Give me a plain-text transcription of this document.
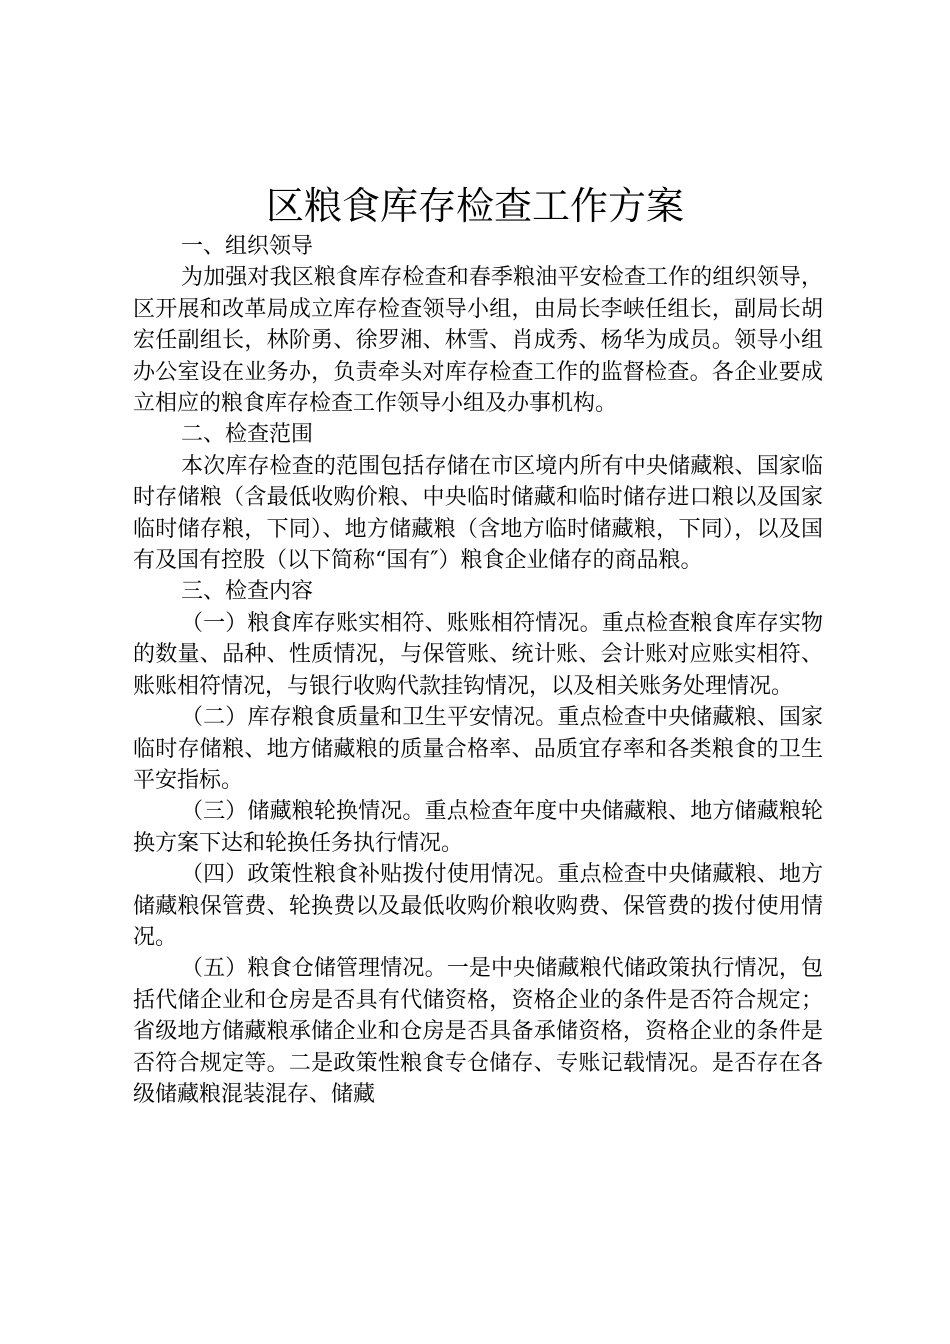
区粮食库存检查工作方案

一、组织领导

为加强对我区粮食库存检查和春季粮油平安检查工作的组织领导，区开展和改革局成立库存检查领导小组，由局长李峡任组长，副局长胡宏任副组长，林阶勇、徐罗湘、林雪、肖成秀、杨华为成员。领导小组办公室设在业务办，负责牵头对库存检查工作的监督检查。各企业要成立相应的粮食库存检查工作领导小组及办事机构。

二、检查范围

本次库存检查的范围包括存储在市区境内所有中央储藏粮、国家临时存储粮（含最低收购价粮、中央临时储藏和临时储存进口粮以及国家临时储存粮，下同）、地方储藏粮（含地方临时储藏粮，下同），以及国有及国有控股（以下简称“国有″）粮食企业储存的商品粮。

三、检查内容

（一）粮食库存账实相符、账账相符情况。重点检查粮食库存实物的数量、品种、性质情况，与保管账、统计账、会计账对应账实相符、账账相符情况，与银行收购代款挂钩情况，以及相关账务处理情况。

（二）库存粮食质量和卫生平安情况。重点检查中央储藏粮、国家临时存储粮、地方储藏粮的质量合格率、品质宜存率和各类粮食的卫生平安指标。

（三）储藏粮轮换情况。重点检查年度中央储藏粮、地方储藏粮轮换方案下达和轮换任务执行情况。

（四）政策性粮食补贴拨付使用情况。重点检查中央储藏粮、地方储藏粮保管费、轮换费以及最低收购价粮收购费、保管费的拨付使用情况。

（五）粮食仓储管理情况。一是中央储藏粮代储政策执行情况，包括代储企业和仓房是否具有代储资格，资格企业的条件是否符合规定；省级地方储藏粮承储企业和仓房是否具备承储资格，资格企业的条件是否符合规定等。二是政策性粮食专仓储存、专账记载情况。是否存在各级储藏粮混装混存、储藏
